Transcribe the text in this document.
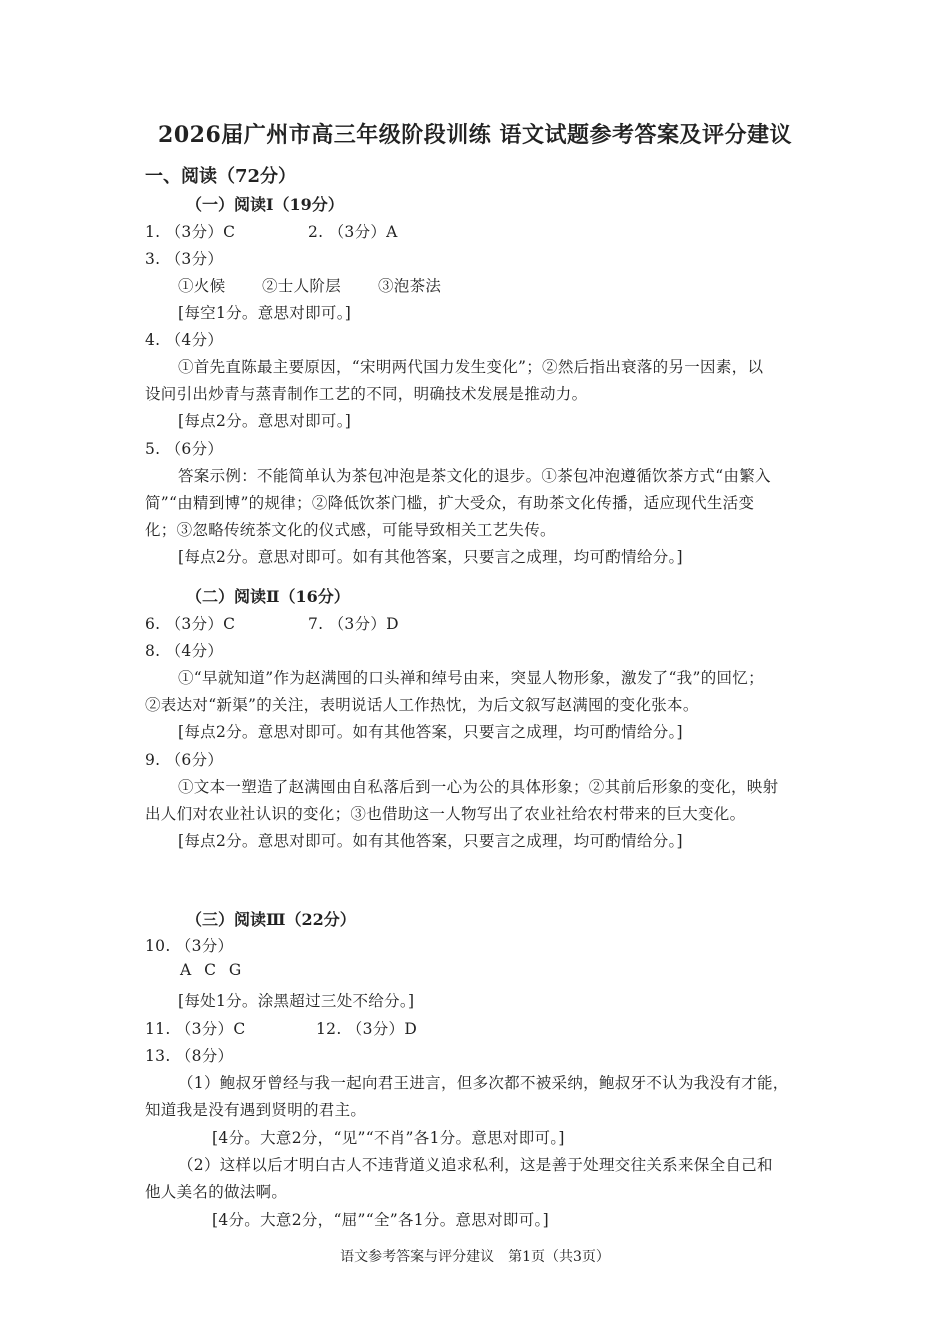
2026届广州市高三年级阶段训练 语文试题参考答案及评分建议
一、阅读（72分）
（一）阅读Ⅰ（19分）
1. （3分）C	2. （3分）A
3. （3分）
①火候 ②士人阶层 ③泡茶法
[每空1分。意思对即可。]
4. （4分）
①首先直陈最主要原因，“宋明两代国力发生变化”；②然后指出衰落的另一因素，以
设问引出炒青与蒸青制作工艺的不同，明确技术发展是推动力。
[每点2分。意思对即可。]
5. （6分）
答案示例：不能简单认为茶包冲泡是茶文化的退步。①茶包冲泡遵循饮茶方式“由繁入
简”“由精到博”的规律；②降低饮茶门槛，扩大受众，有助茶文化传播，适应现代生活变
化；③忽略传统茶文化的仪式感，可能导致相关工艺失传。
[每点2分。意思对即可。如有其他答案，只要言之成理，均可酌情给分。]
（二）阅读Ⅱ（16分）
6. （3分）C	7. （3分）D
8. （4分）
①“早就知道”作为赵满囤的口头禅和绰号由来，突显人物形象，激发了“我”的回忆；
②表达对“新渠”的关注，表明说话人工作热忱，为后文叙写赵满囤的变化张本。
[每点2分。意思对即可。如有其他答案，只要言之成理，均可酌情给分。]
9. （6分）
①文本一塑造了赵满囤由自私落后到一心为公的具体形象；②其前后形象的变化，映射
出人们对农业社认识的变化；③也借助这一人物写出了农业社给农村带来的巨大变化。
[每点2分。意思对即可。如有其他答案，只要言之成理，均可酌情给分。]
（三）阅读Ⅲ（22分）
10. （3分）
A C G
[每处1分。涂黑超过三处不给分。]
11. （3分）C	12. （3分）D
13. （8分）
（1）鲍叔牙曾经与我一起向君王进言，但多次都不被采纳，鲍叔牙不认为我没有才能，
知道我是没有遇到贤明的君主。
[4分。大意2分，“见”“不肖”各1分。意思对即可。]
（2）这样以后才明白古人不违背道义追求私利，这是善于处理交往关系来保全自己和
他人美名的做法啊。
[4分。大意2分，“屈”“全”各1分。意思对即可。]
语文参考答案与评分建议　第1页（共3页）
